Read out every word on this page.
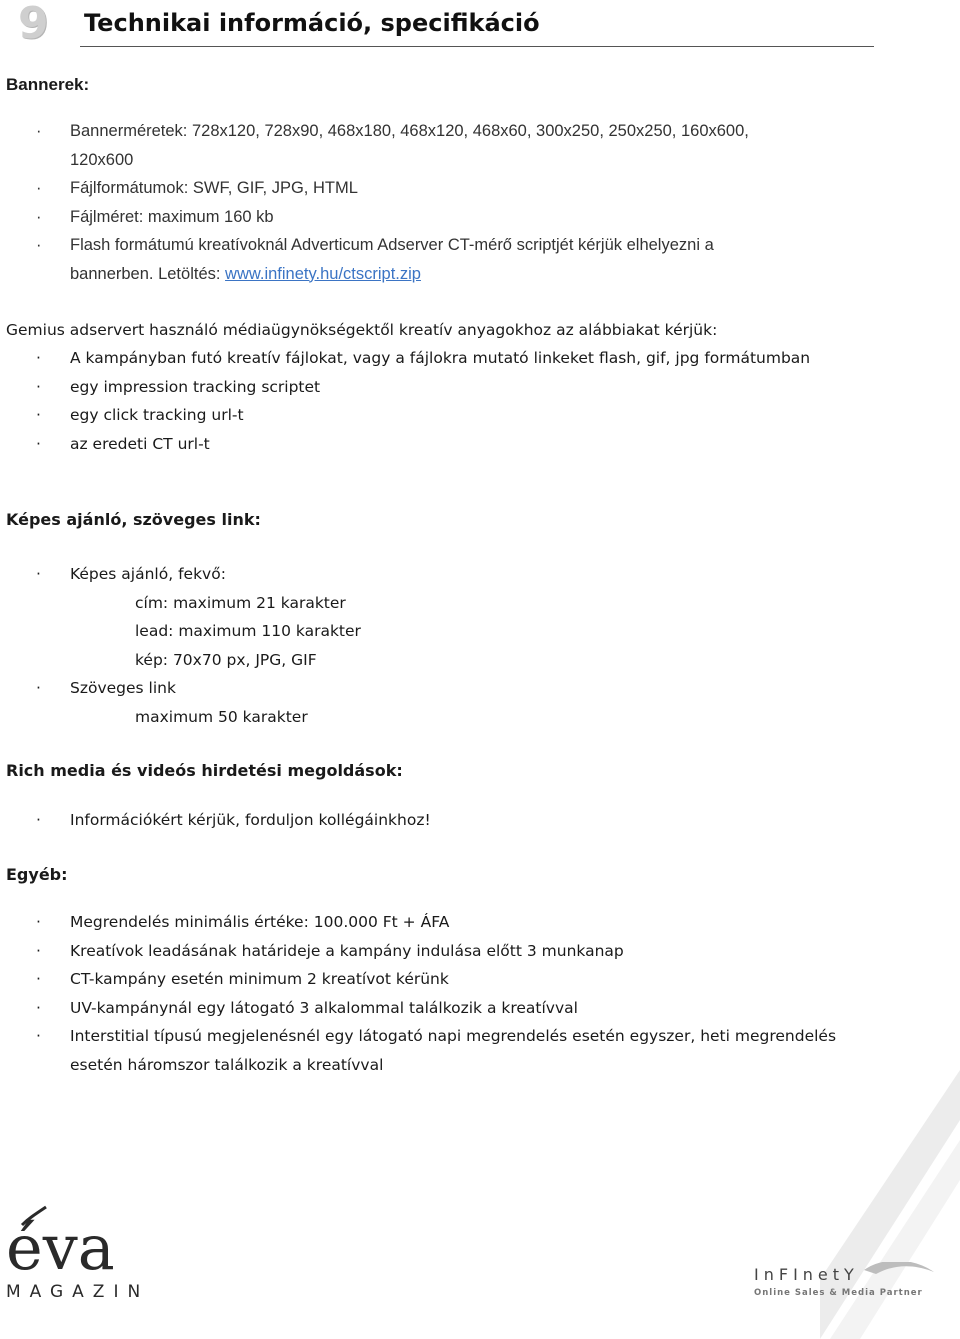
9	Technikai információ, specifikáció
Bannerek:
· Bannerméretek: 728x120, 728x90, 468x180, 468x120, 468x60, 300x250, 250x250, 160x600,
120x600
· Fájlformátumok: SWF, GIF, JPG, HTML
· Fájlméret: maximum 160 kb
· Flash formátumú kreatívoknál Adverticum Adserver CT-mérő scriptjét kérjük elhelyezni a
bannerben. Letöltés: www.infinety.hu/ctscript.zip
Gemius adservert használó médiaügynökségektől kreatív anyagokhoz az alábbiakat kérjük:
· A kampányban futó kreatív fájlokat, vagy a fájlokra mutató linkeket flash, gif, jpg formátumban
· egy impression tracking scriptet
· egy click tracking url-t
· az eredeti CT url-t
Képes ajánló, szöveges link:
· Képes ajánló, fekvő:
cím: maximum 21 karakter
lead: maximum 110 karakter
kép: 70x70 px, JPG, GIF
· Szöveges link
maximum 50 karakter
Rich media és videós hirdetési megoldások:
· Információkért kérjük, forduljon kollégáinkhoz!
Egyéb:
· Megrendelés minimális értéke: 100.000 Ft + ÁFA
· Kreatívok leadásának határideje a kampány indulása előtt 3 munkanap
· CT-kampány esetén minimum 2 kreatívot kérünk
· UV-kampánynál egy látogató 3 alkalommal találkozik a kreatívval
· Interstitial típusú megjelenésnél egy látogató napi megrendelés esetén egyszer, heti megrendelés
esetén háromszor találkozik a kreatívval
éva
MAGAZIN
InFInetY
Online Sales & Media Partner
